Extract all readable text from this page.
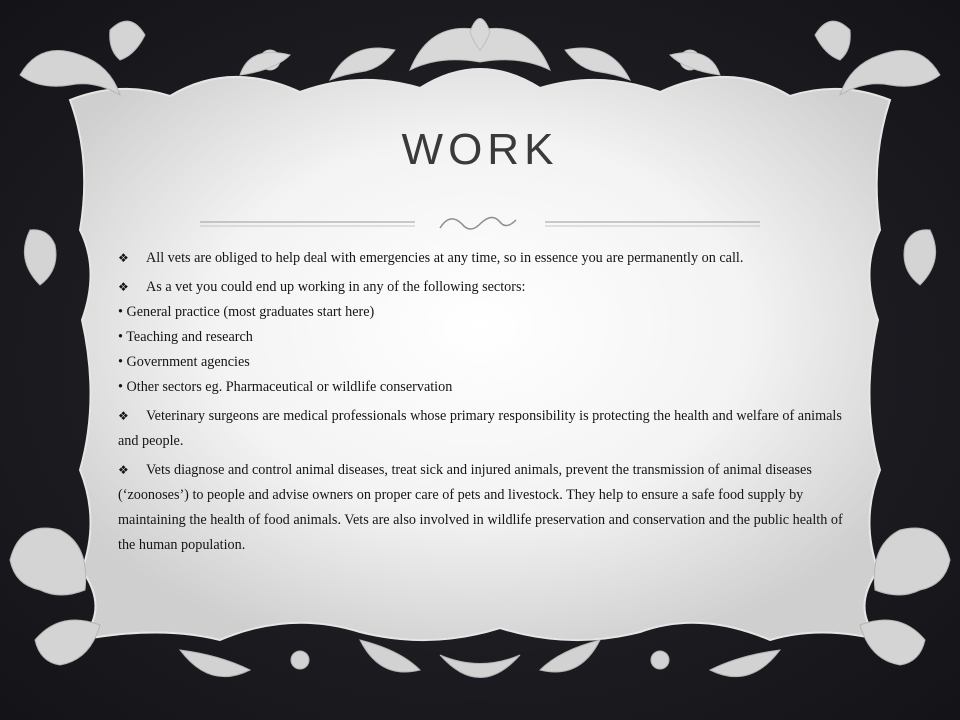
WORK

❖ All vets are obliged to help deal with emergencies at any time, so in essence you are permanently on call.

❖ As a vet you could end up working in any of the following sectors:

• General practice (most graduates start here)

• Teaching and research

• Government agencies

• Other sectors eg. Pharmaceutical or wildlife conservation

❖ Veterinary surgeons are medical professionals whose primary responsibility is protecting the health and welfare of animals and people.

❖ Vets diagnose and control animal diseases, treat sick and injured animals, prevent the transmission of animal diseases (‘zoonoses’) to people and advise owners on proper care of pets and livestock. They help to ensure a safe food supply by maintaining the health of food animals. Vets are also involved in wildlife preservation and conservation and the public health of the human population.
